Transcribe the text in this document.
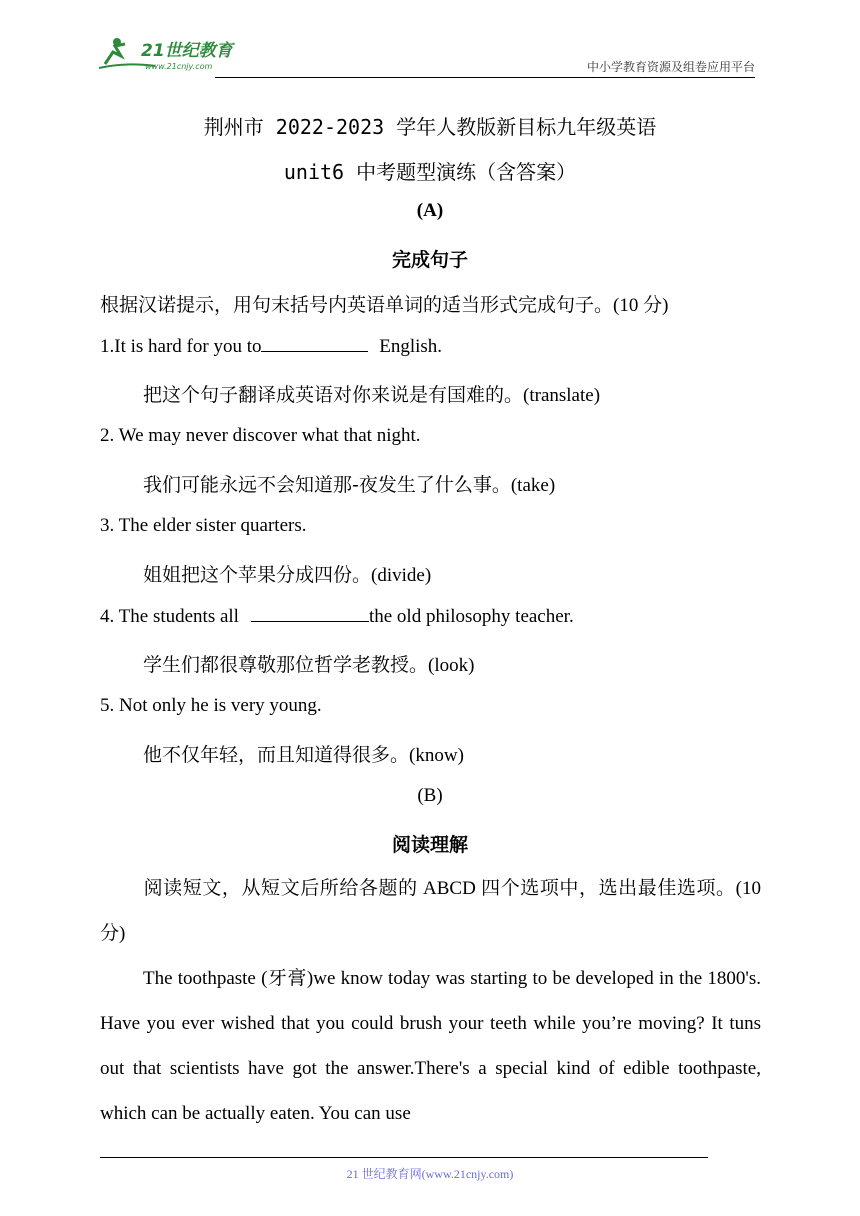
21世纪教育
www.21cnjy.com	中小学教育资源及组卷应用平台
荆州市 2022-2023 学年人教版新目标九年级英语
unit6 中考题型演练（含答案）
(A)
完成句子
根据汉诺提示，用句末括号内英语单词的适当形式完成句子。(10 分)
1.It is hard for you to	English.
把这个句子翻译成英语对你来说是有国难的。(translate)
2. We may never discover what that night.
我们可能永远不会知道那-夜发生了什么事。(take)
3. The elder sister quarters.
姐姐把这个苹果分成四份。(divide)
4. The students all	the old philosophy teacher.
学生们都很尊敬那位哲学老教授。(look)
5. Not only he is very young.
他不仅年轻，而且知道得很多。(know)
(B)
阅读理解
阅读短文，从短文后所给各题的 ABCD 四个选项中，选出最佳选项。(10 分)
The toothpaste (牙膏)we know today was starting to be developed in the 1800's. Have you ever wished that you could brush your teeth while you’re moving? It tuns out that scientists have got the answer.There's a special kind of edible toothpaste, which can be actually eaten. You can use
21 世纪教育网(www.21cnjy.com)
